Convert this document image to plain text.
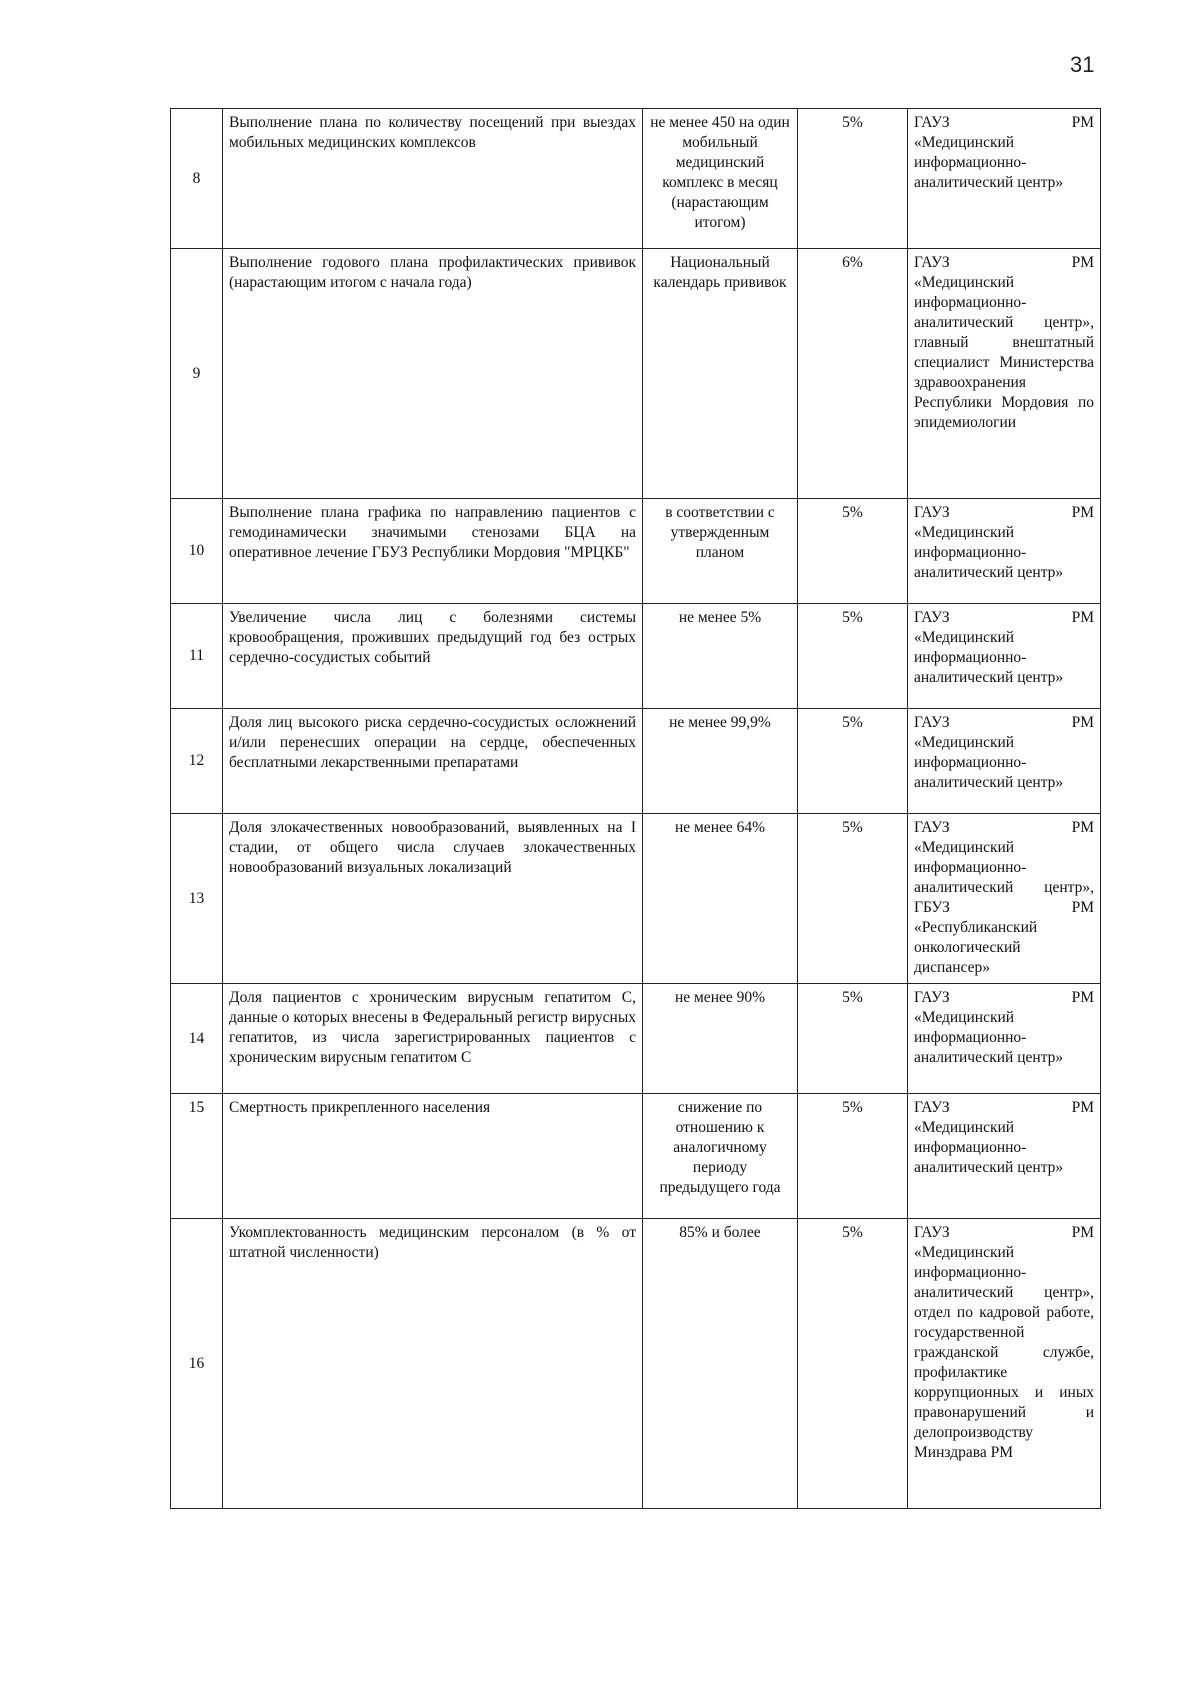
31
8	Выполнение плана по количеству посещений при выездах мобильных медицинских комплексов	не менее 450 на один мобильный медицинский комплекс в месяц (нарастающим итогом)	5%	ГАУЗ РМ
«Медицинский информационно-аналитический центр»

9	Выполнение годового плана профилактических прививок (нарастающим итогом с начала года)	Национальный календарь прививок	6%	ГАУЗ РМ
«Медицинский информационно-аналитический центр», главный внештатный специалист Министерства здравоохранения Республики Мордовия по эпидемиологии

10	Выполнение плана графика по направлению пациентов с гемодинамически значимыми стенозами БЦА на оперативное лечение ГБУЗ Республики Мордовия "МРЦКБ"	в соответствии с утвержденным планом	5%	ГАУЗ РМ
«Медицинский информационно-аналитический центр»

11	Увеличение числа лиц с болезнями системы кровообращения, проживших предыдущий год без острых сердечно-сосудистых событий	не менее 5%	5%	ГАУЗ РМ
«Медицинский информационно-аналитический центр»

12	Доля лиц высокого риска сердечно-сосудистых осложнений и/или перенесших операции на сердце, обеспеченных бесплатными лекарственными препаратами	не менее 99,9%	5%	ГАУЗ РМ
«Медицинский информационно-аналитический центр»

13	Доля злокачественных новообразований, выявленных на I стадии, от общего числа случаев злокачественных новообразований визуальных локализаций	не менее 64%	5%	ГАУЗ РМ
«Медицинский информационно-аналитический центр», ГБУЗ РМ «Республиканский онкологический диспансер»

14	Доля пациентов с хроническим вирусным гепатитом С, данные о которых внесены в Федеральный регистр вирусных гепатитов, из числа зарегистрированных пациентов с хроническим вирусным гепатитом С	не менее 90%	5%	ГАУЗ РМ
«Медицинский информационно-аналитический центр»

15	Смертность прикрепленного населения	снижение по отношению к аналогичному периоду предыдущего года	5%	ГАУЗ РМ
«Медицинский информационно-аналитический центр»

16	Укомплектованность медицинским персоналом (в % от штатной численности)	85% и более	5%	ГАУЗ РМ
«Медицинский информационно-аналитический центр», отдел по кадровой работе, государственной гражданской службе, профилактике коррупционных и иных правонарушений и делопроизводству Минздрава РМ
